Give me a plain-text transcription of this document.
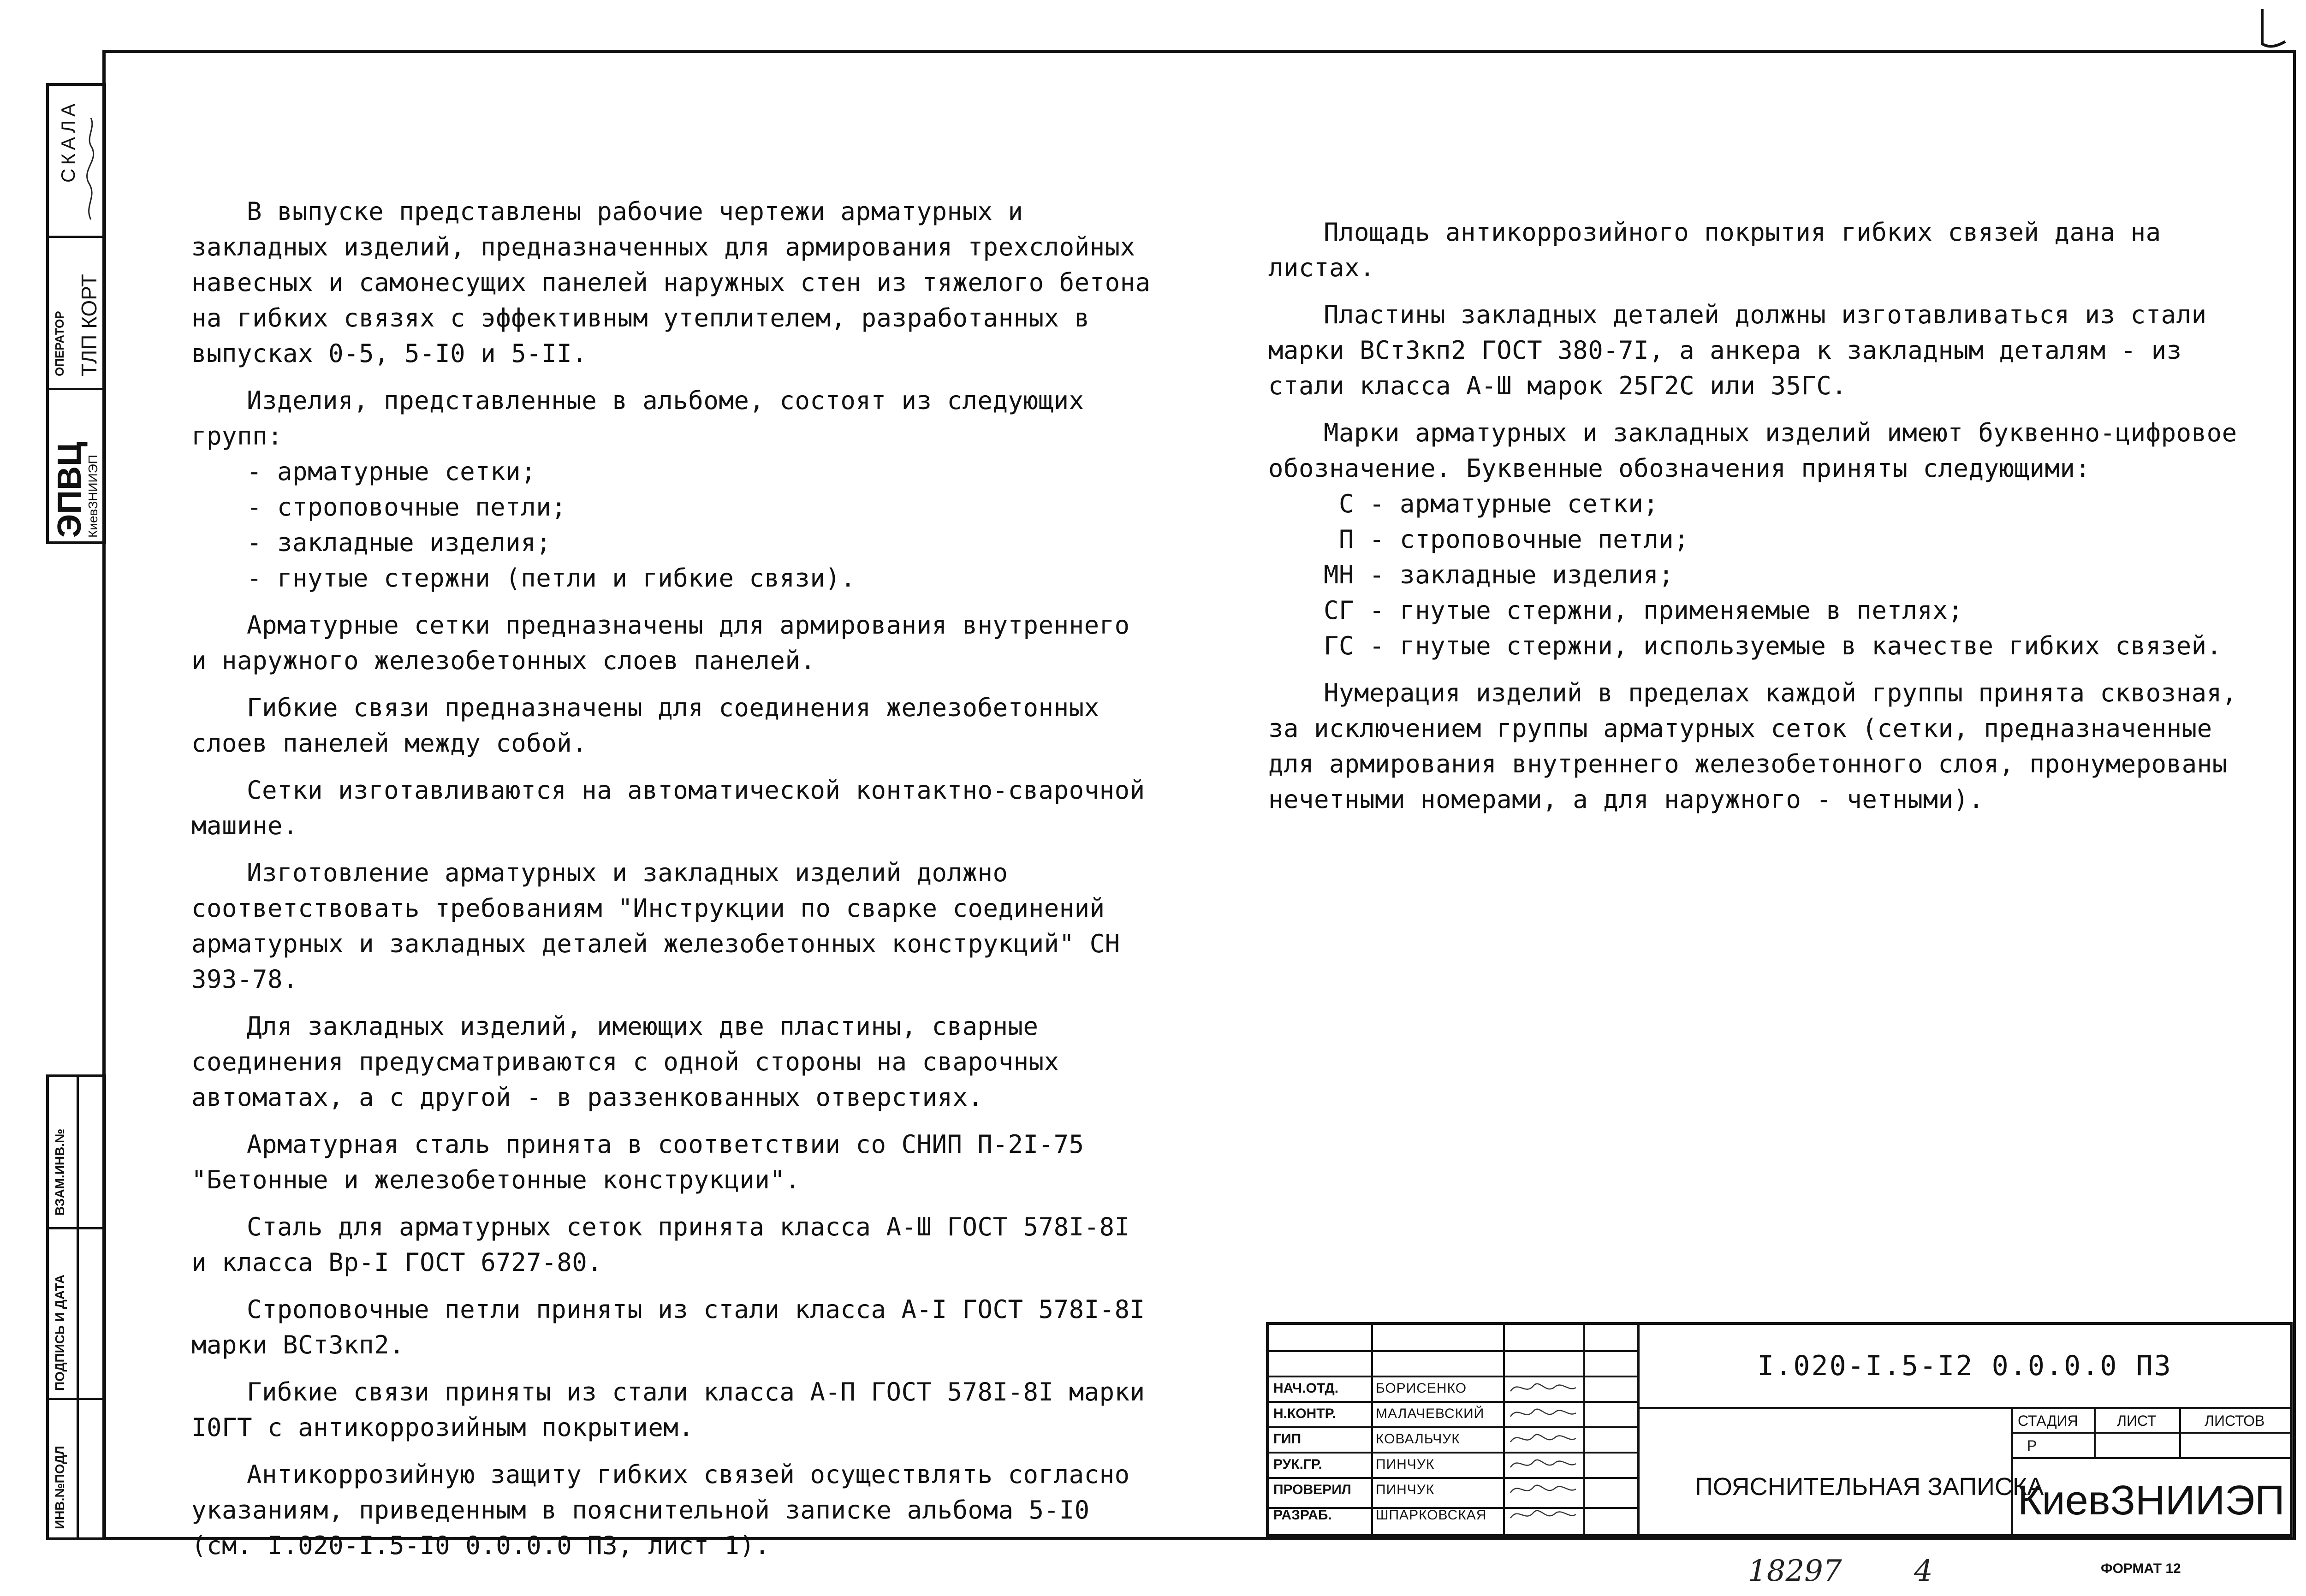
СКАЛА
ОПЕРАТОР ТЛП КОРТ
ЭПВЦ
КиевЗНИИЭП
ВЗАМ.ИНВ.№
ПОДПИСЬ И ДАТА
ИНВ.№ПОДЛ

В выпуске представлены рабочие чертежи арматурных и закладных изделий, предназначенных для армирования трехслойных навесных и самонесущих панелей наружных стен из тяжелого бетона на гибких связях с эффективным утеплителем, разработанных в выпусках 0-5, 5-I0 и 5-II.

Изделия, представленные в альбоме, состоят из следующих групп:

- арматурные сетки;

- строповочные петли;

- закладные изделия;

- гнутые стержни (петли и гибкие связи).

Арматурные сетки предназначены для армирования внутреннего и наружного железобетонных слоев панелей.

Гибкие связи предназначены для соединения железобетонных слоев панелей между собой.

Сетки изготавливаются на автоматической контактно-сварочной машине.

Изготовление арматурных и закладных изделий должно соответствовать требованиям "Инструкции по сварке соединений арматурных и закладных деталей железобетонных конструкций" СН 393-78.

Для закладных изделий, имеющих две пластины, сварные соединения предусматриваются с одной стороны на сварочных автоматах, а с другой - в раззенкованных отверстиях.

Арматурная сталь принята в соответствии со СНИП П-2I-75 "Бетонные и железобетонные конструкции".

Сталь для арматурных сеток принята класса А-Ш ГОСТ 578I-8I и класса Вр-I ГОСТ 6727-80.

Строповочные петли приняты из стали класса А-I ГОСТ 578I-8I марки ВСт3кп2.

Гибкие связи приняты из стали класса А-П ГОСТ 578I-8I марки I0ГТ с антикоррозийным покрытием.

Антикоррозийную защиту гибких связей осуществлять согласно указаниям, приведенным в пояснительной записке альбома 5-I0 (см. I.020-I.5-I0 0.0.0.0 ПЗ, лист 1).

Площадь антикоррозийного покрытия гибких связей дана на листах.

Пластины закладных деталей должны изготавливаться из стали марки ВСт3кп2 ГОСТ 380-7I, а анкера к закладным деталям - из стали класса А-Ш марок 25Г2С или 35ГС.

Марки арматурных и закладных изделий имеют буквенно-цифровое обозначение. Буквенные обозначения приняты следующими:

С - арматурные сетки;

П - строповочные петли;

МН - закладные изделия;

СГ - гнутые стержни, применяемые в петлях;

ГС - гнутые стержни, используемые в качестве гибких связей.

Нумерация изделий в пределах каждой группы принята сквозная, за исключением группы арматурных сеток (сетки, предназначенные для армирования внутреннего железобетонного слоя, пронумерованы нечетными номерами, а для наружного - четными).

НАЧ.ОТД.	БОРИСЕНКО
Н.КОНТР.	МАЛАЧЕВСКИЙ
ГИП	КОВАЛЬЧУК
РУК.ГР.	ПИНЧУК
ПРОВЕРИЛ ПИНЧУК
РАЗРАБ.	ШПАРКОВСКАЯ
I.020-I.5-I2 0.0.0.0 ПЗ
ПОЯСНИТЕЛЬНАЯ ЗАПИСКА
СТАДИЯ	ЛИСТ	ЛИСТОВ
Р
КиевЗНИИЭП
18297 4	ФОРМАТ 12
